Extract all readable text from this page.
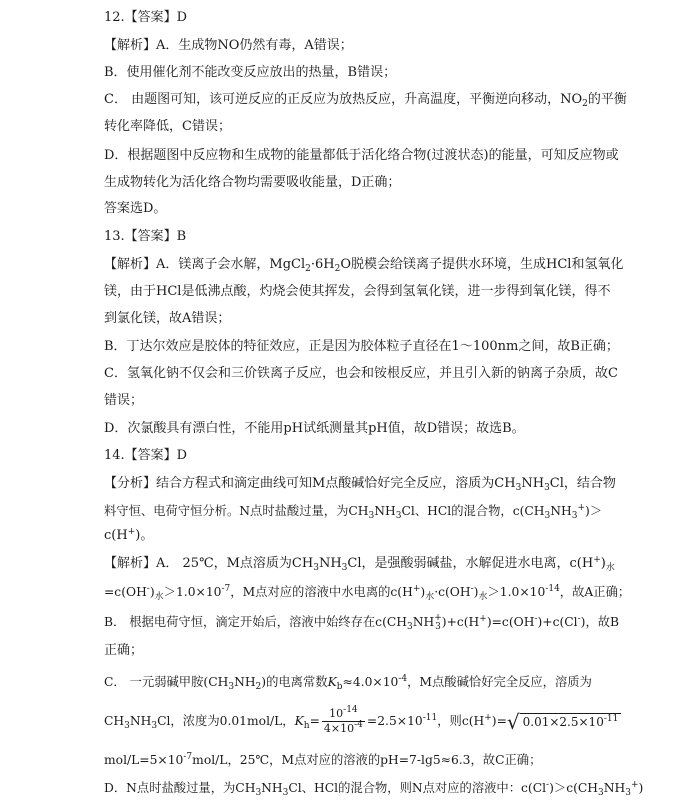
12.【答案】D
【解析】A．生成物NO仍然有毒，A错误；
B．使用催化剂不能改变反应放出的热量，B错误；
C． 由题图可知，该可逆反应的正反应为放热反应，升高温度，平衡逆向移动，$NO_2$的平衡
转化率降低，C错误；
D．根据题图中反应物和生成物的能量都低于活化络合物(过渡状态)的能量，可知反应物或
生成物转化为活化络合物均需要吸收能量，D正确；
答案选D。
13.【答案】B
【解析】A．镁离子会水解，$MgCl_2\cdot 6H_2O$脱模会给镁离子提供水环境，生成HCl和氢氧化
镁，由于HCl是低沸点酸，灼烧会使其挥发，会得到氢氧化镁，进一步得到氧化镁，得不
到氯化镁，故A错误；
B．丁达尔效应是胶体的特征效应，正是因为胶体粒子直径在1～100nm之间，故B正确；
C．氢氧化钠不仅会和三价铁离子反应，也会和铵根反应，并且引入新的钠离子杂质，故C
错误；
D．次氯酸具有漂白性，不能用pH试纸测量其pH值，故D错误；故选B。
14.【答案】D
【分析】结合方程式和滴定曲线可知M点酸碱恰好完全反应，溶质为$CH_3NH_3Cl$，结合物
料守恒、电荷守恒分析。N点时盐酸过量，为$CH_3NH_3Cl$、HCl的混合物，$c(CH_3NH_3^+)>$
c(H+)。
【解析】A． 25℃，M点溶质为$CH_3NH_3Cl$，是强酸弱碱盐，水解促进水电离，$c(H^+)_水$
$=c(OH^-)_水>1.0\times 10^{-7}$，M点对应的溶液中水电离的$c(H^+)_水\cdot c(OH^-)_水>1.0\times 10^{-14}$，故A正确；
B． 根据电荷守恒，滴定开始后，溶液中始终存在$c(CH_3NH$ +
3 )+c(H+)=c(OH-)+c(Cl-)，故B
正确；
C． 一元弱碱甲胺$(CH_3NH_2)$的电离常数$K_b\approx 4.0\times 10^{-4}$，M点酸碱恰好完全反应，溶质为
$CH_3NH_3Cl$，浓度为0.01mol/L，$K_h= \frac{10^{-14}}{4\times 10^{-4}} =2.5\times 10^{-11}$，则c(H+)=√ $0.01\times 2.5\times 10^{-11}$
mol/$L=5\times 10^{-7}mol/L$，25℃，M点对应的溶液的pH=7-lg5≈6.3，故C正确；
D．N点时盐酸过量，为$CH_3NH_3Cl$、HCl的混合物，则N点对应的溶液中：$c(Cl^-)>c(CH_3NH_3^+)$
